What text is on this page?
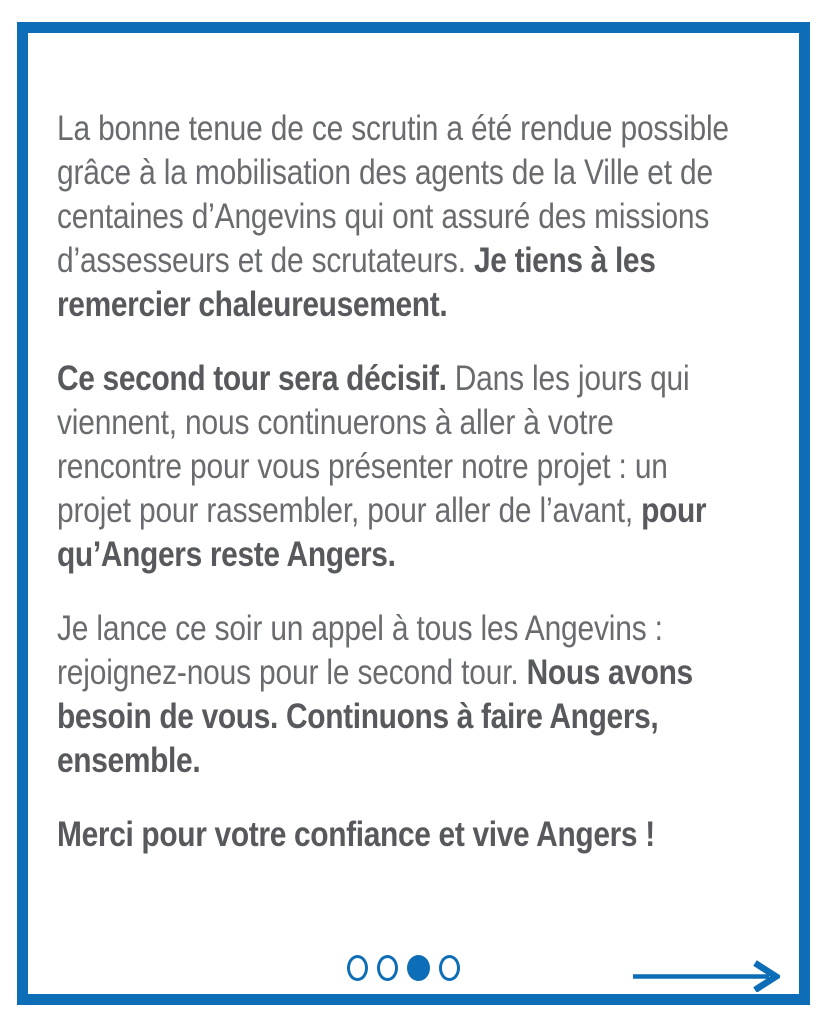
La bonne tenue de ce scrutin a été rendue possible
grâce à la mobilisation des agents de la Ville et de
centaines d’Angevins qui ont assuré des missions
d’assesseurs et de scrutateurs. Je tiens à les
remercier chaleureusement.

Ce second tour sera décisif. Dans les jours qui
viennent, nous continuerons à aller à votre
rencontre pour vous présenter notre projet : un
projet pour rassembler, pour aller de l’avant, pour
qu’Angers reste Angers.

Je lance ce soir un appel à tous les Angevins :
rejoignez-nous pour le second tour. Nous avons
besoin de vous. Continuons à faire Angers,
ensemble.

Merci pour votre confiance et vive Angers !
